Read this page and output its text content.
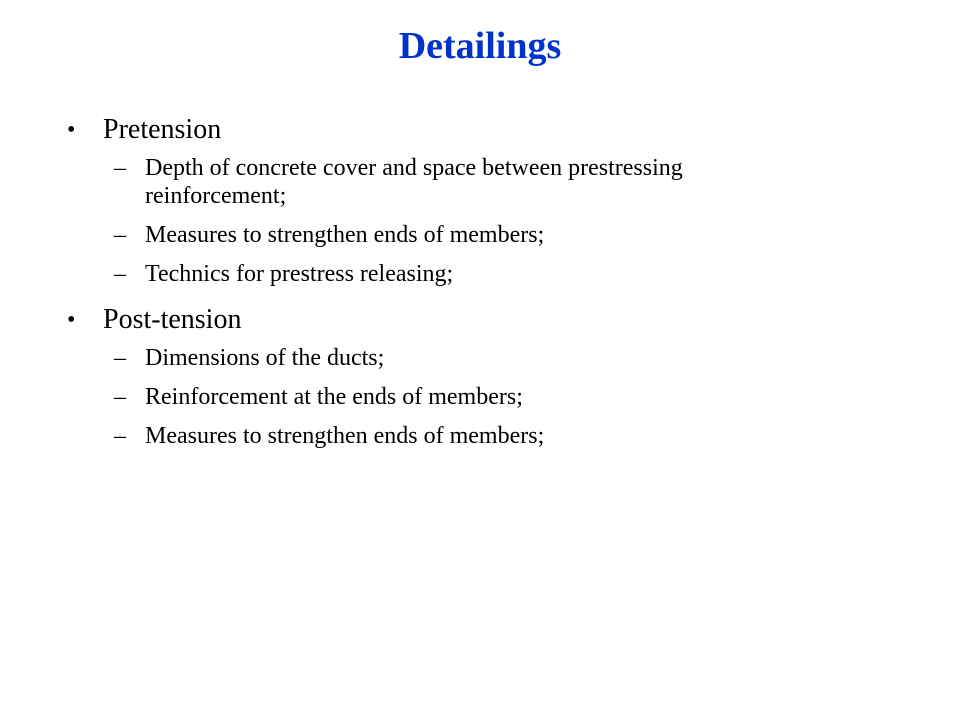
Detailings
• Pretension
– Depth of concrete cover and space between prestressing reinforcement;
– Measures to strengthen ends of members;
– Technics for prestress releasing;
• Post-tension
– Dimensions of the ducts;
– Reinforcement at the ends of members;
– Measures to strengthen ends of members;
